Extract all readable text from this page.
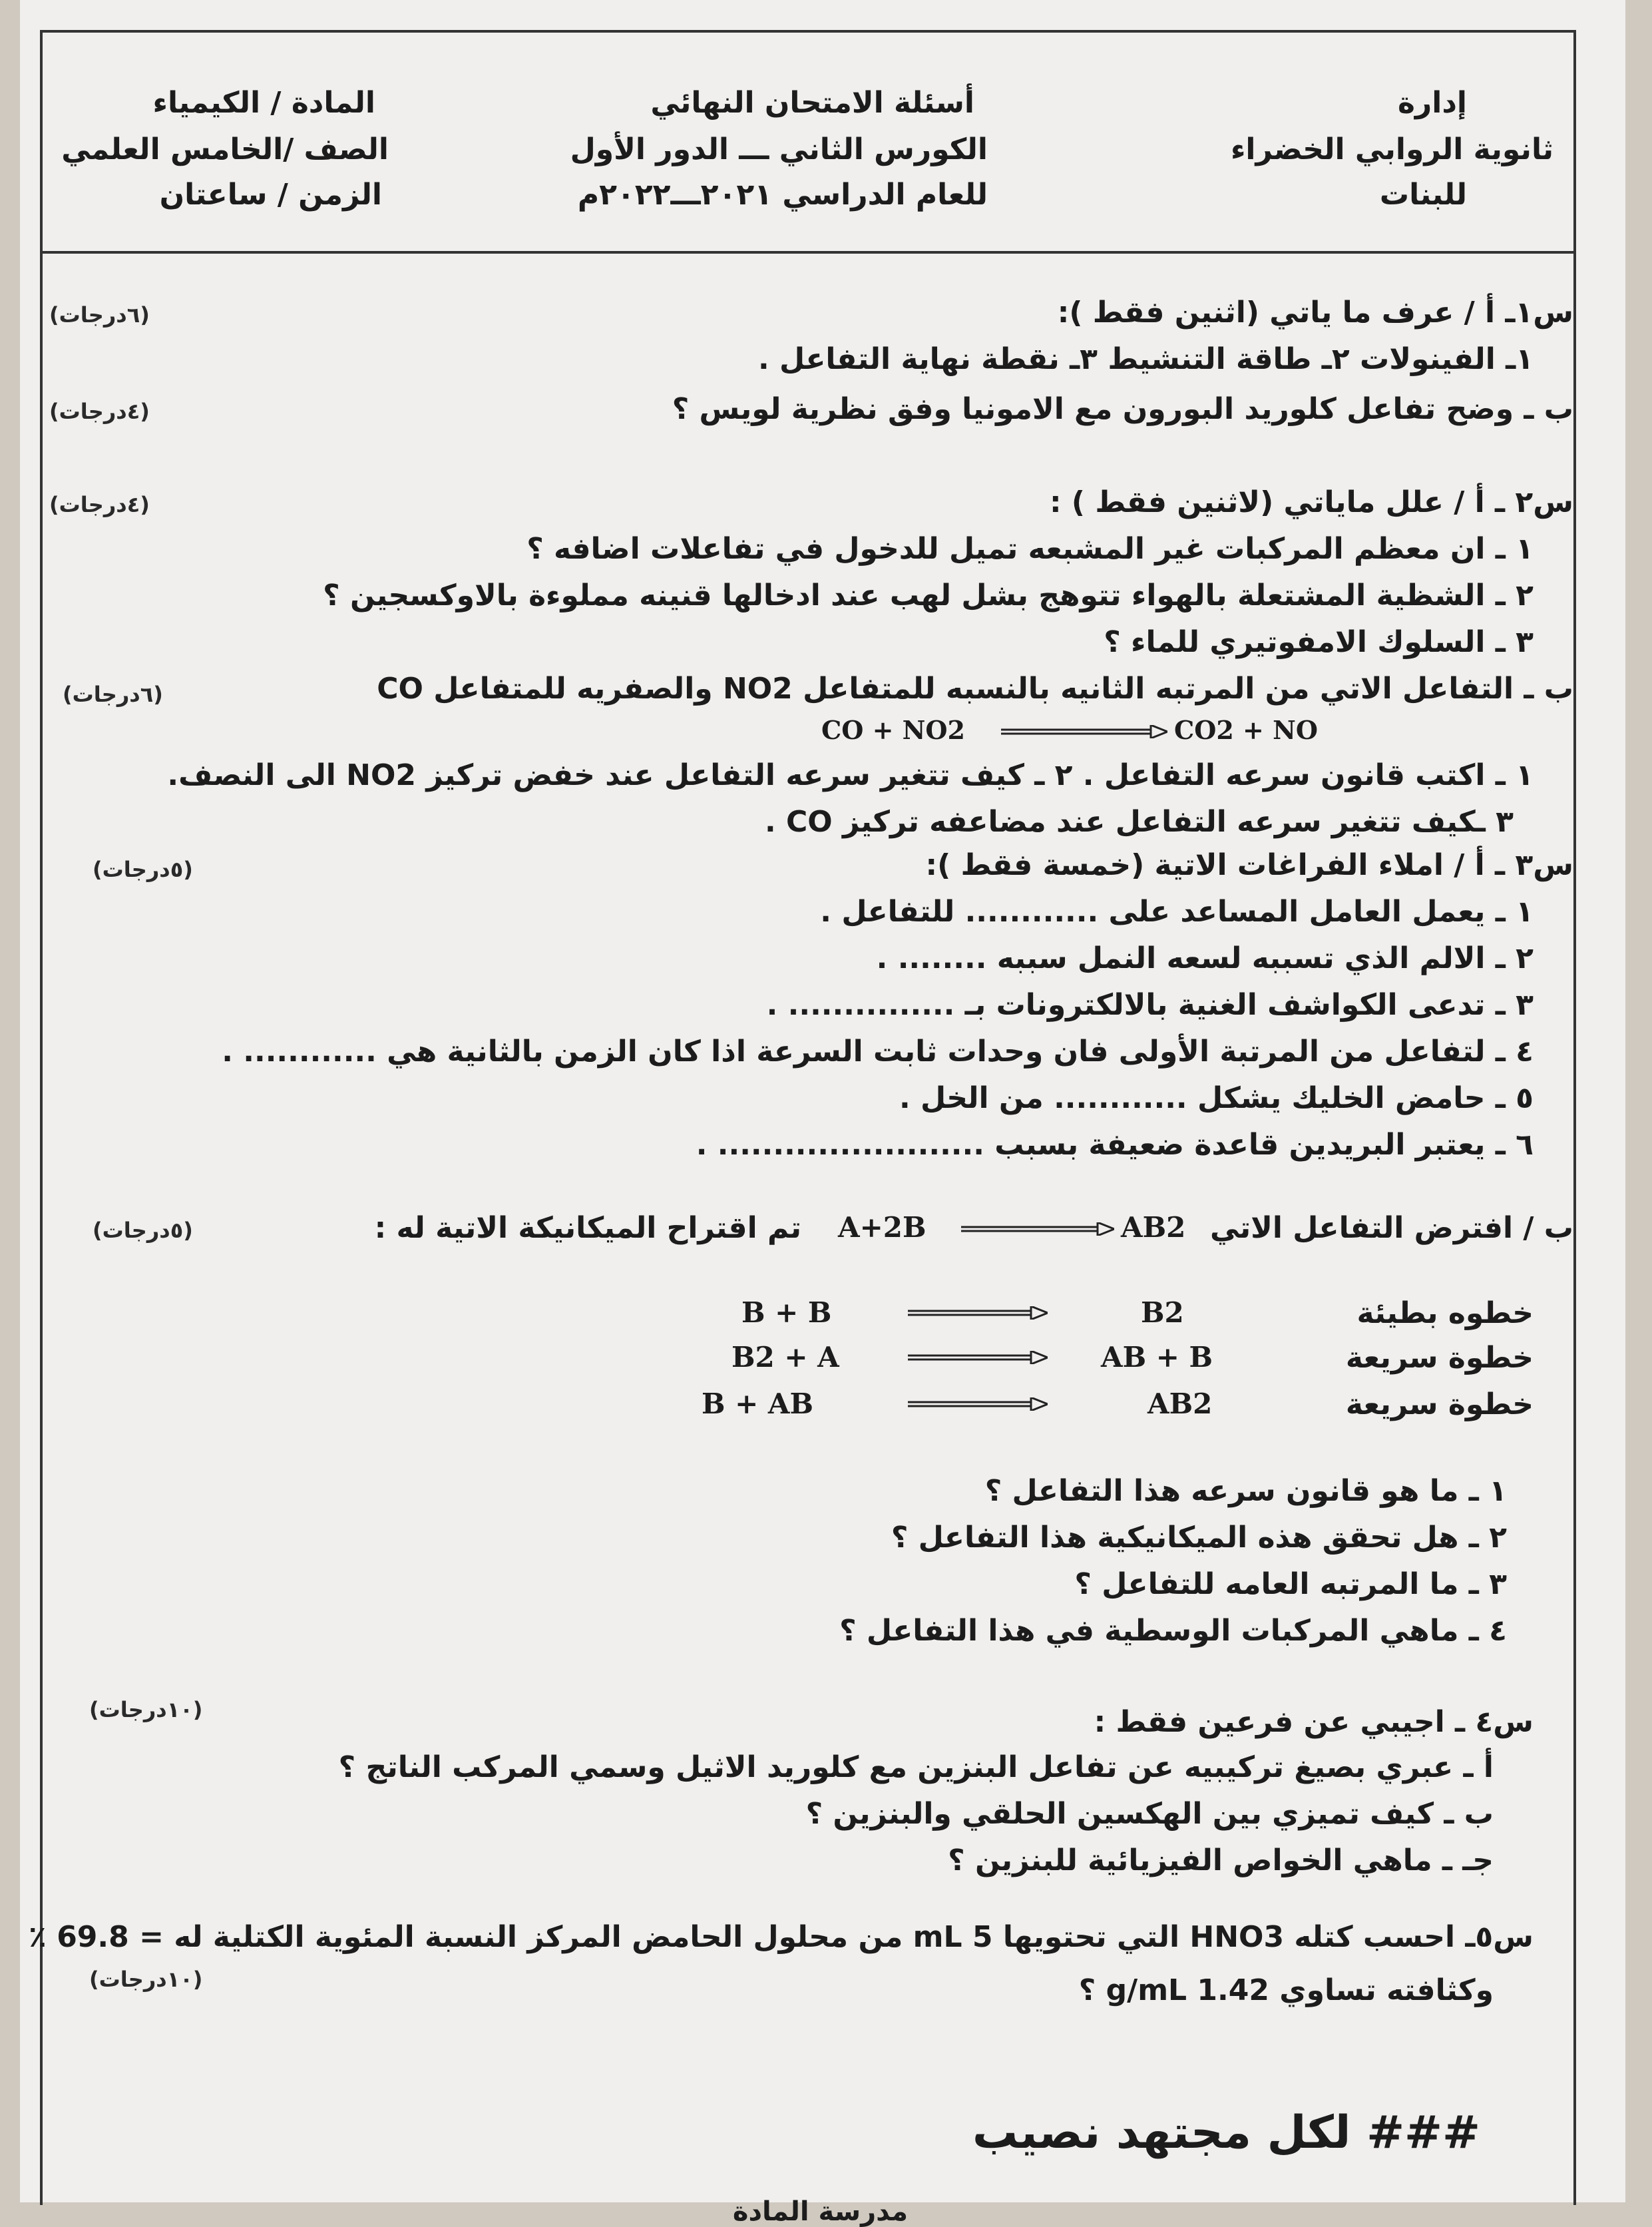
إدارة
ثانوية الروابي الخضراء
للبنات
أسئلة الامتحان النهائي
الكورس الثاني ـــ الدور الأول
للعام الدراسي ٢٠٢١ـــ٢٠٢٢م
المادة / الكيمياء
الصف /الخامس العلمي
الزمن / ساعتان
س١ـ أ / عرف ما ياتي (اثنين فقط ):
(٦درجات)
١ـ الفينولات ٢ـ طاقة التنشيط ٣ـ نقطة نهاية التفاعل .
ب ـ وضح تفاعل كلوريد البورون مع الامونيا وفق نظرية لويس ؟
(٤درجات)
س٢ ـ أ / علل ماياتي (لاثنين فقط ) :
(٤درجات)
١ ـ ان معظم المركبات غير المشبعه تميل للدخول في تفاعلات اضافه ؟
٢ ـ الشظية المشتعلة بالهواء تتوهج بشل لهب عند ادخالها قنينه مملوءة بالاوكسجين ؟
٣ ـ السلوك الامفوتيري للماء ؟
ب ـ التفاعل الاتي من المرتبه الثانيه بالنسبه للمتفاعل NO2 والصفريه للمتفاعل CO
(٦درجات)
CO + NO2	CO2 + NO
١ ـ اكتب قانون سرعه التفاعل . ٢ ـ كيف تتغير سرعه التفاعل عند خفض تركيز NO2 الى النصف.
٣ ـكيف تتغير سرعه التفاعل عند مضاعفه تركيز CO .
س٣ ـ أ / املاء الفراغات الاتية (خمسة فقط ):
(٥درجات)
١ ـ يعمل العامل المساعد على ............ للتفاعل .
٢ ـ الالم الذي تسببه لسعه النمل سببه ........ .
٣ ـ تدعى الكواشف الغنية بالالكترونات بـ ............... .
٤ ـ لتفاعل من المرتبة الأولى فان وحدات ثابت السرعة اذا كان الزمن بالثانية هي ............ .
٥ ـ حامض الخليك يشكل ............ من الخل .
٦ ـ يعتبر البريدين قاعدة ضعيفة بسبب ........................ .
ب / افترض التفاعل الاتي
AB2
A+2B
تم اقتراح الميكانيكة الاتية له :
(٥درجات)
خطوه بطيئة
B + B	B2
خطوة سريعة
B2 + A	AB + B
خطوة سريعة
B + AB	AB2
١ ـ ما هو قانون سرعه هذا التفاعل ؟
٢ ـ هل تحقق هذه الميكانيكية هذا التفاعل ؟
٣ ـ ما المرتبه العامه للتفاعل ؟
٤ ـ ماهي المركبات الوسطية في هذا التفاعل ؟
س٤ ـ اجيبي عن فرعين فقط :
(١٠درجات)
أ ـ عبري بصيغ تركيبيه عن تفاعل البنزين مع كلوريد الاثيل وسمي المركب الناتج ؟
ب ـ كيف تميزي بين الهكسين الحلقي والبنزين ؟
جـ ـ ماهي الخواص الفيزيائية للبنزين ؟
س٥ـ احسب كتله HNO3 التي تحتويها 5 mL من محلول الحامض المركز النسبة المئوية الكتلية له = 69.8 ٪
(١٠درجات)	وكثافته تساوي 1.42 g/mL ؟
### لكل مجتهد نصيب
مدرسة المادة
